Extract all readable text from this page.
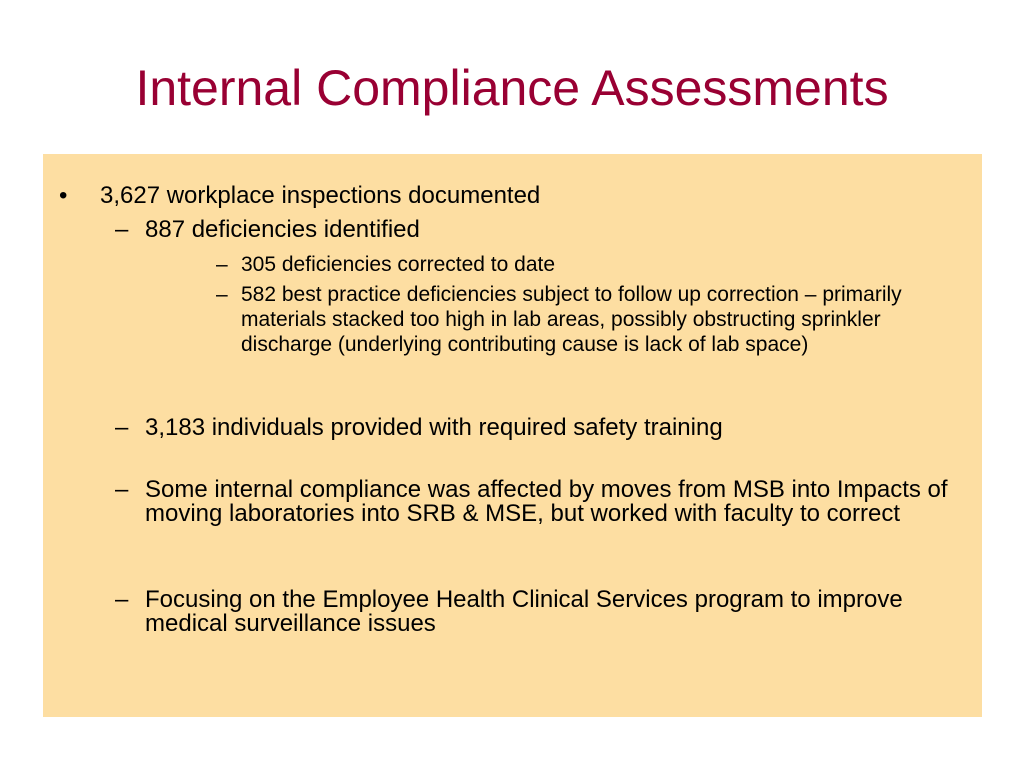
Internal Compliance Assessments
• 3,627 workplace inspections documented
– 887 deficiencies identified
– 305 deficiencies corrected to date
– 582 best practice deficiencies subject to follow up correction – primarily materials stacked too high in lab areas, possibly obstructing sprinkler discharge (underlying contributing cause is lack of lab space)
– 3,183 individuals provided with required safety training
– Some internal compliance was affected by moves from MSB into Impacts of moving laboratories into SRB & MSE, but worked with faculty to correct
– Focusing on the Employee Health Clinical Services program to improve medical surveillance issues
